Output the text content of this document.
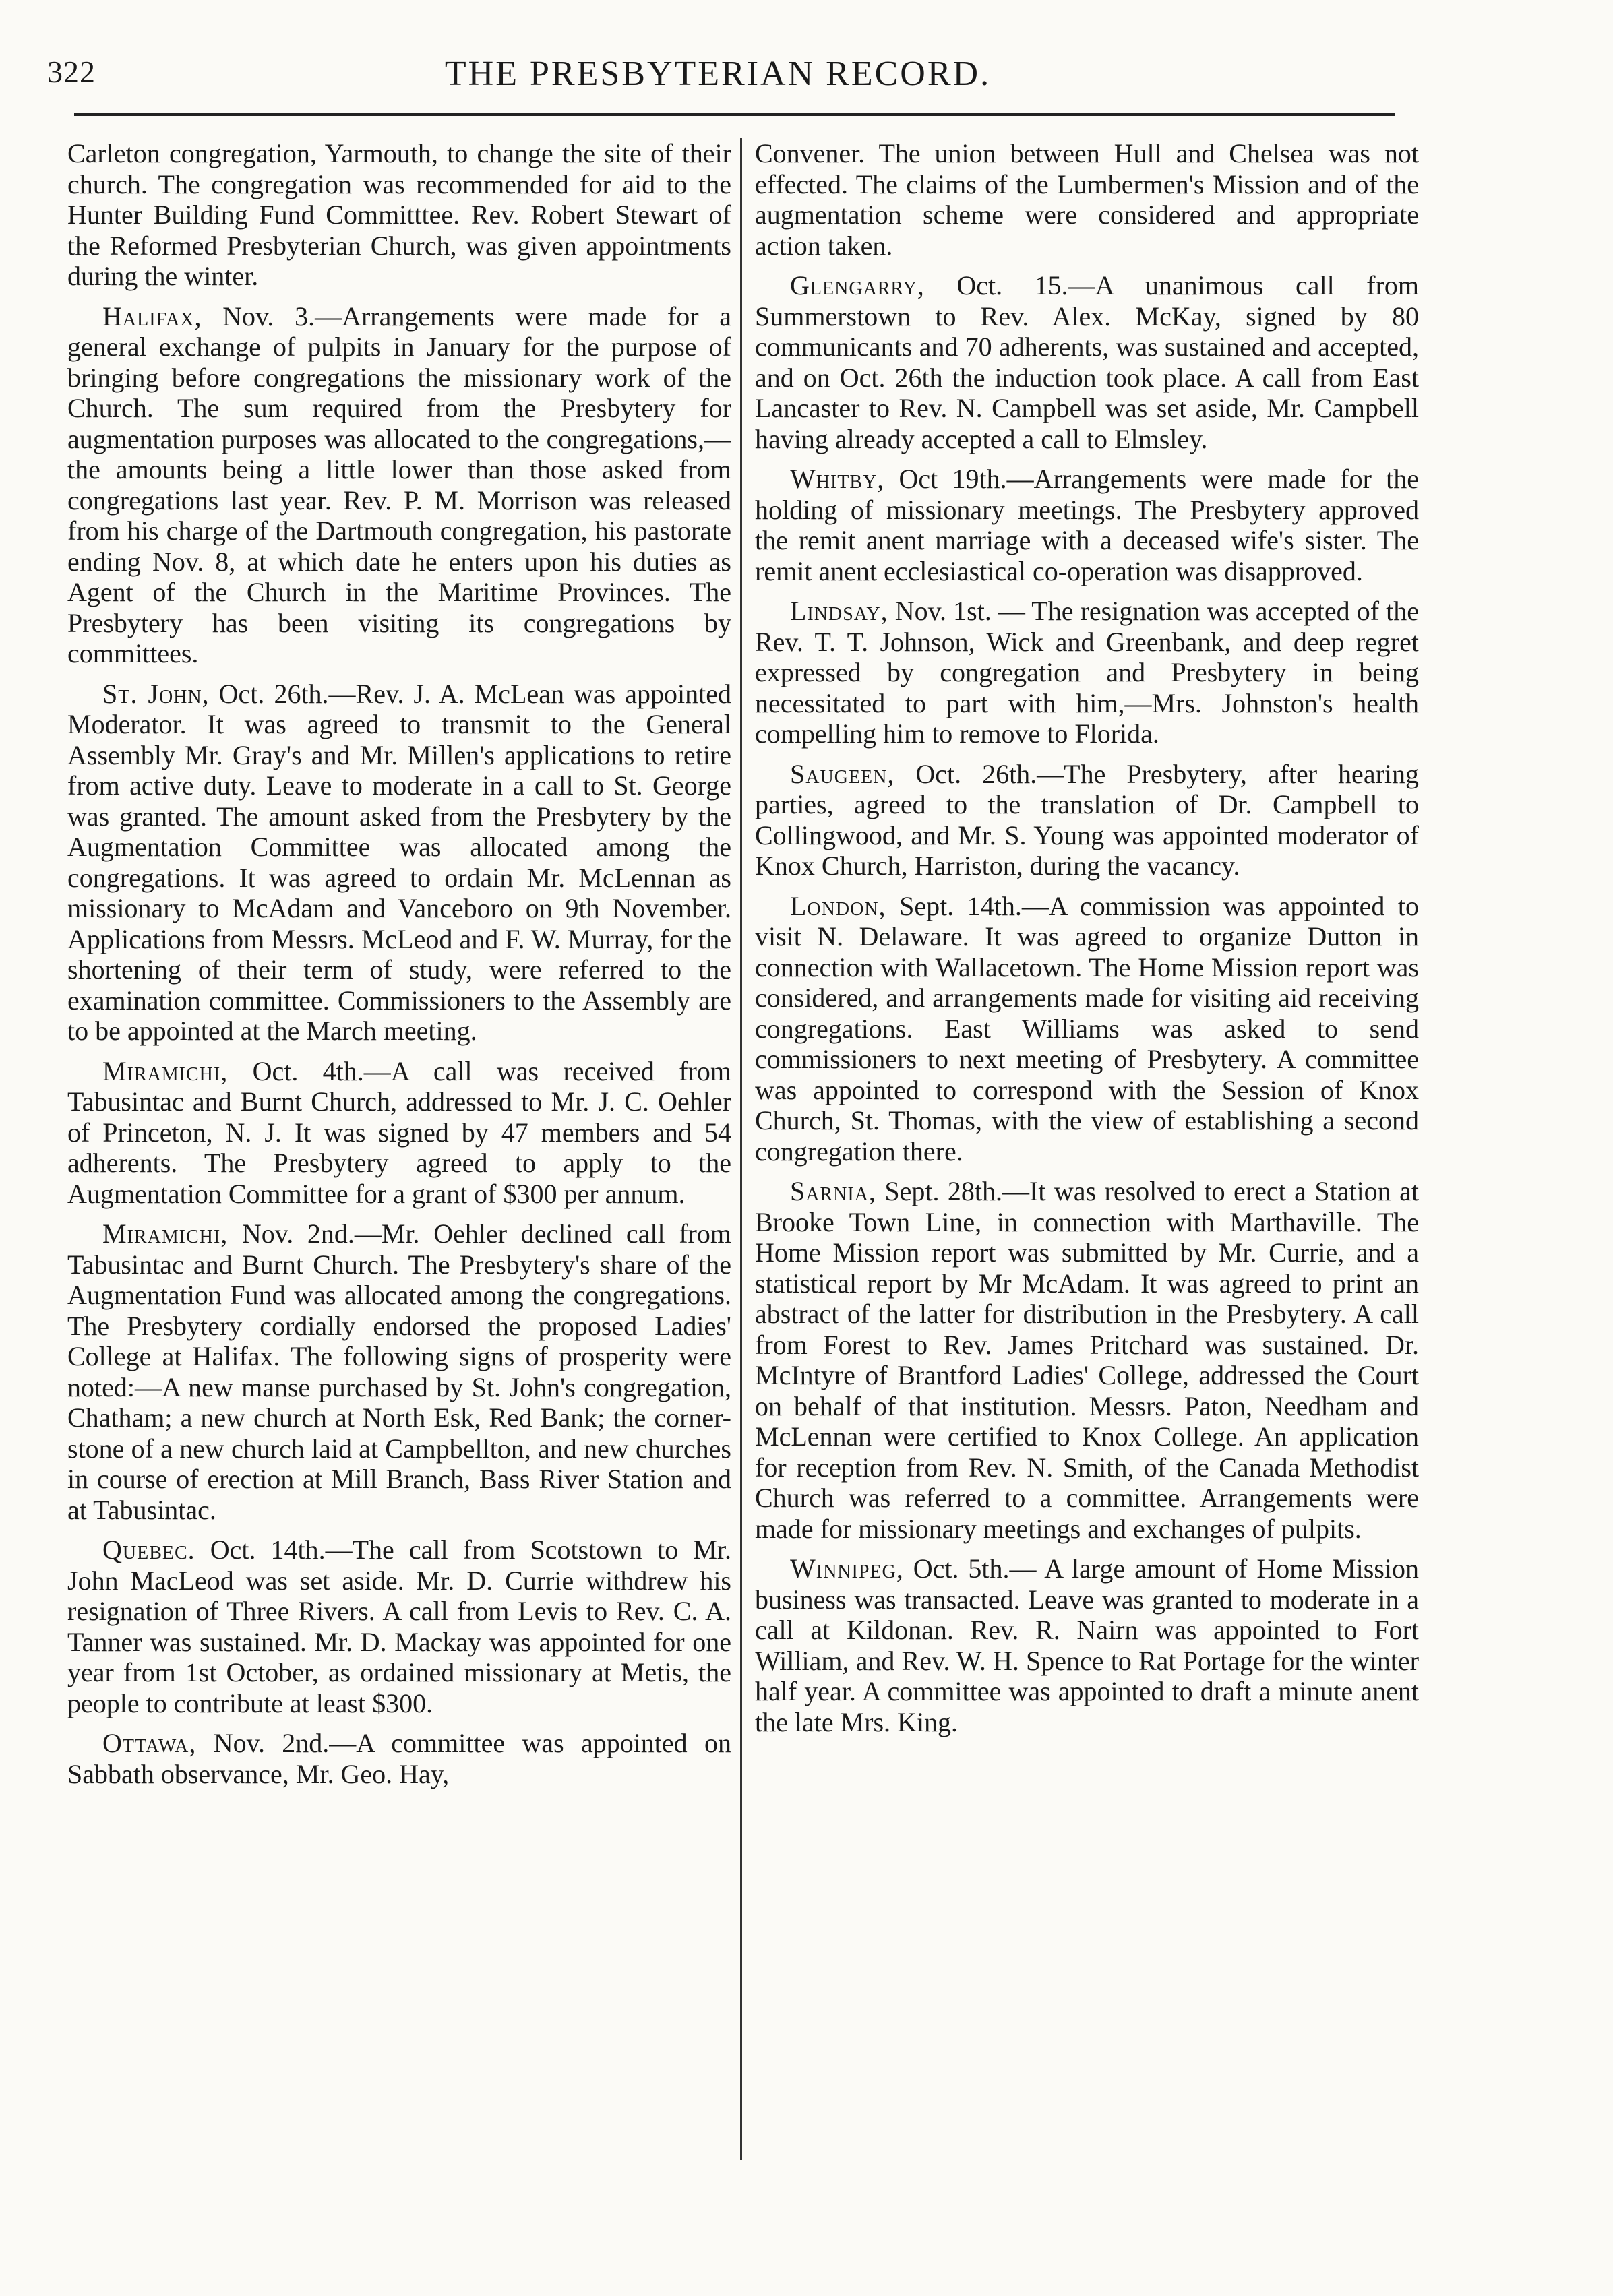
322	THE PRESBYTERIAN RECORD.

Carleton congregation, Yarmouth, to change the site of their church. The congregation was recommended for aid to the Hunter Building Fund Committtee. Rev. Robert Stewart of the Reformed Presbyterian Church, was given appointments during the winter.

Halifax, Nov. 3.—Arrangements were made for a general exchange of pulpits in January for the purpose of bringing before congregations the missionary work of the Church. The sum required from the Presbytery for augmentation purposes was allocated to the congregations,—the amounts being a little lower than those asked from congregations last year. Rev. P. M. Morrison was released from his charge of the Dartmouth congregation, his pastorate ending Nov. 8, at which date he enters upon his duties as Agent of the Church in the Maritime Provinces. The Presbytery has been visiting its congregations by committees.

St. John, Oct. 26th.—Rev. J. A. McLean was appointed Moderator. It was agreed to transmit to the General Assembly Mr. Gray's and Mr. Millen's applications to retire from active duty. Leave to moderate in a call to St. George was granted. The amount asked from the Presbytery by the Augmentation Committee was allocated among the congregations. It was agreed to ordain Mr. McLennan as missionary to McAdam and Vanceboro on 9th November. Applications from Messrs. McLeod and F. W. Murray, for the shortening of their term of study, were referred to the examination committee. Commissioners to the Assembly are to be appointed at the March meeting.

Miramichi, Oct. 4th.—A call was received from Tabusintac and Burnt Church, addressed to Mr. J. C. Oehler of Princeton, N. J. It was signed by 47 members and 54 adherents. The Presbytery agreed to apply to the Augmentation Committee for a grant of $300 per annum.

Miramichi, Nov. 2nd.—Mr. Oehler declined call from Tabusintac and Burnt Church. The Presbytery's share of the Augmentation Fund was allocated among the congregations. The Presbytery cordially endorsed the proposed Ladies' College at Halifax. The following signs of prosperity were noted:—A new manse purchased by St. John's congregation, Chatham; a new church at North Esk, Red Bank; the corner-stone of a new church laid at Campbellton, and new churches in course of erection at Mill Branch, Bass River Station and at Tabusintac.

Quebec. Oct. 14th.—The call from Scotstown to Mr. John MacLeod was set aside. Mr. D. Currie withdrew his resignation of Three Rivers. A call from Levis to Rev. C. A. Tanner was sustained. Mr. D. Mackay was appointed for one year from 1st October, as ordained missionary at Metis, the people to contribute at least $300.

Ottawa, Nov. 2nd.—A committee was appointed on Sabbath observance, Mr. Geo. Hay,

Convener. The union between Hull and Chelsea was not effected. The claims of the Lumbermen's Mission and of the augmentation scheme were considered and appropriate action taken.

Glengarry, Oct. 15.—A unanimous call from Summerstown to Rev. Alex. McKay, signed by 80 communicants and 70 adherents, was sustained and accepted, and on Oct. 26th the induction took place. A call from East Lancaster to Rev. N. Campbell was set aside, Mr. Campbell having already accepted a call to Elmsley.

Whitby, Oct 19th.—Arrangements were made for the holding of missionary meetings. The Presbytery approved the remit anent marriage with a deceased wife's sister. The remit anent ecclesiastical co-operation was disapproved.

Lindsay, Nov. 1st. — The resignation was accepted of the Rev. T. T. Johnson, Wick and Greenbank, and deep regret expressed by congregation and Presbytery in being necessitated to part with him,—Mrs. Johnston's health compelling him to remove to Florida.

Saugeen, Oct. 26th.—The Presbytery, after hearing parties, agreed to the translation of Dr. Campbell to Collingwood, and Mr. S. Young was appointed moderator of Knox Church, Harriston, during the vacancy.

London, Sept. 14th.—A commission was appointed to visit N. Delaware. It was agreed to organize Dutton in connection with Wallacetown. The Home Mission report was considered, and arrangements made for visiting aid receiving congregations. East Williams was asked to send commissioners to next meeting of Presbytery. A committee was appointed to correspond with the Session of Knox Church, St. Thomas, with the view of establishing a second congregation there.

Sarnia, Sept. 28th.—It was resolved to erect a Station at Brooke Town Line, in connection with Marthaville. The Home Mission report was submitted by Mr. Currie, and a statistical report by Mr McAdam. It was agreed to print an abstract of the latter for distribution in the Presbytery. A call from Forest to Rev. James Pritchard was sustained. Dr. McIntyre of Brantford Ladies' College, addressed the Court on behalf of that institution. Messrs. Paton, Needham and McLennan were certified to Knox College. An application for reception from Rev. N. Smith, of the Canada Methodist Church was referred to a committee. Arrangements were made for missionary meetings and exchanges of pulpits.

Winnipeg, Oct. 5th.— A large amount of Home Mission business was transacted. Leave was granted to moderate in a call at Kildonan. Rev. R. Nairn was appointed to Fort William, and Rev. W. H. Spence to Rat Portage for the winter half year. A committee was appointed to draft a minute anent the late Mrs. King.
